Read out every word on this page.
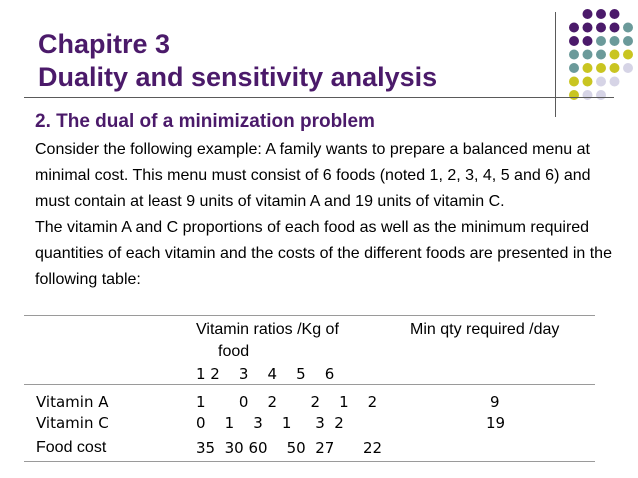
Chapitre 3
Duality and sensitivity analysis
2. The dual of a minimization problem

Consider the following example: A family wants to prepare a balanced menu at minimal cost. This menu must consist of 6 foods (noted 1, 2, 3, 4, 5 and 6) and must contain at least 9 units of vitamin A and 19 units of vitamin C.

The vitamin A and C proportions of each food as well as the minimum required quantities of each vitamin and the costs of the different foods are presented in the following table:

Vitamin ratios /Kg of
food
Min qty required /day
1 2    3    4    5    6
Vitamin A	1       0    2       2    1    2	9
Vitamin C	0    1    3    1     3  2	19
Food cost	35  30 60    50  27      22
